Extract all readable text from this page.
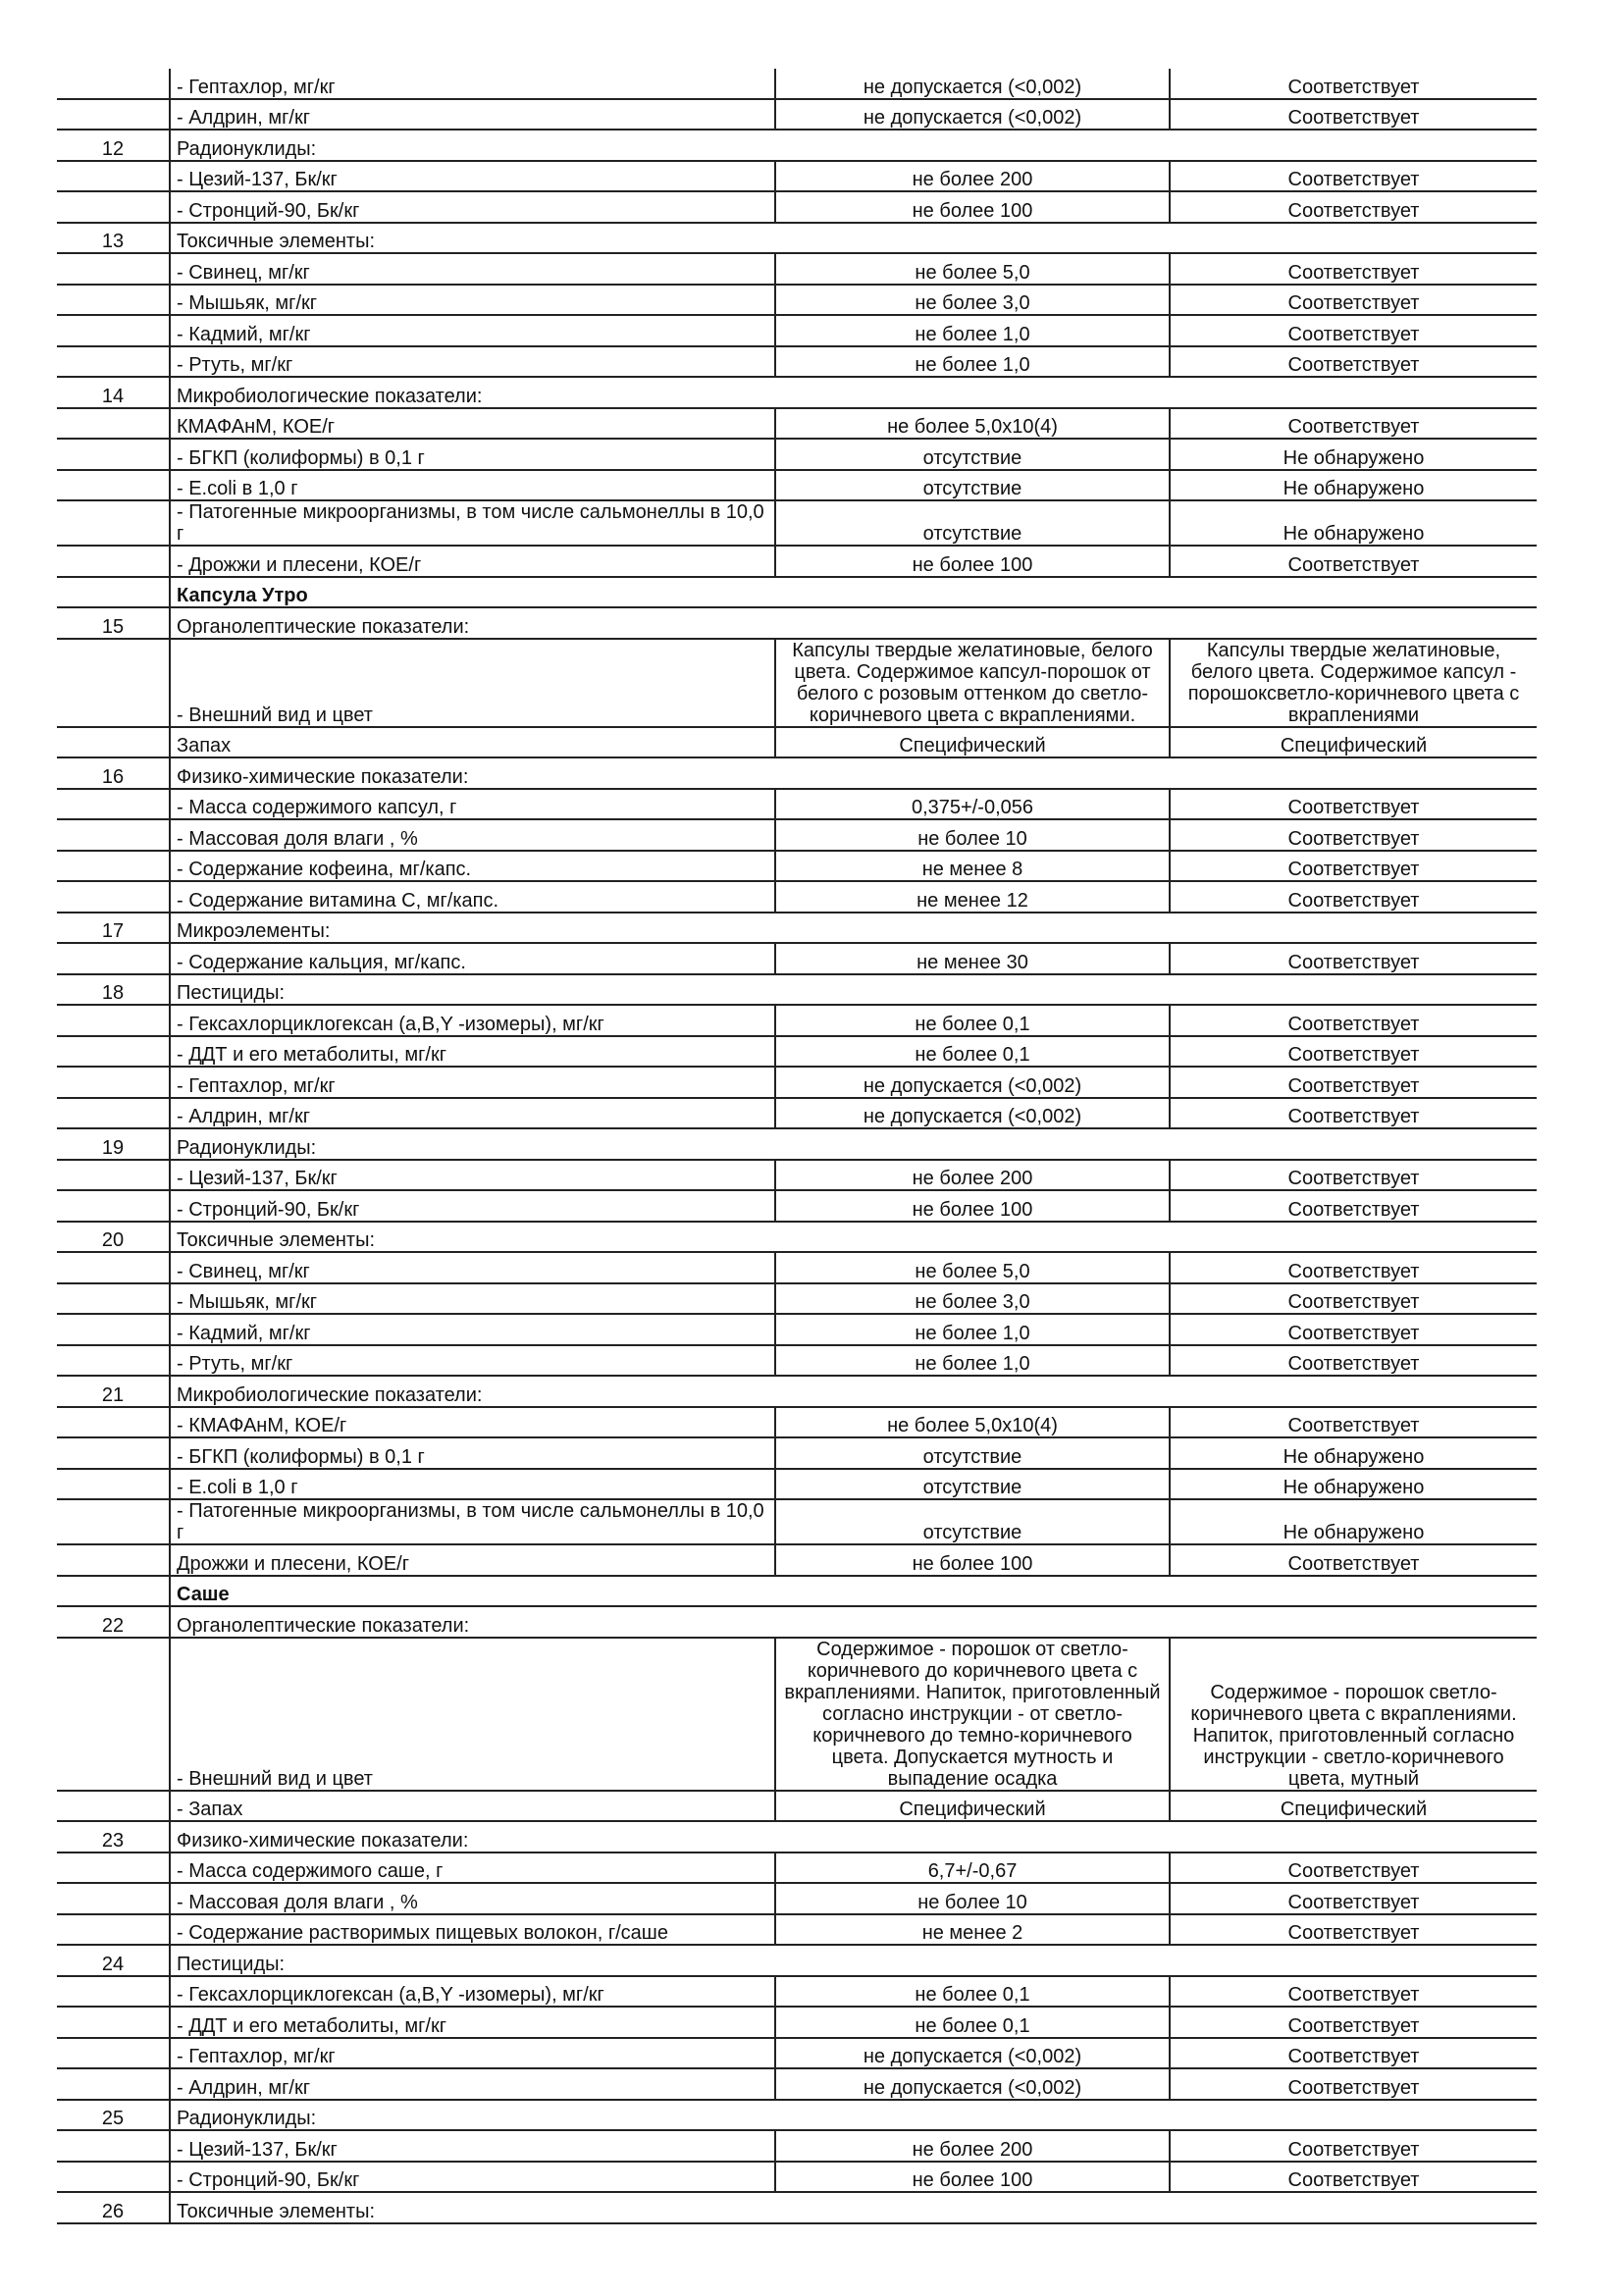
	- Гептахлор, мг/кг	не допускается (<0,002)	Соответствует
	- Алдрин, мг/кг	не допускается (<0,002)	Соответствует
12	Радионуклиды:		
	- Цезий-137, Бк/кг	не более 200	Соответствует
	- Стронций-90, Бк/кг	не более 100	Соответствует
13	Токсичные элементы:		
	- Свинец, мг/кг	не более 5,0	Соответствует
	- Мышьяк, мг/кг	не более 3,0	Соответствует
	- Кадмий, мг/кг	не более 1,0	Соответствует
	- Ртуть, мг/кг	не более 1,0	Соответствует
14	Микробиологические показатели:		
	КМАФАнМ, КОЕ/г	не более 5,0х10(4)	Соответствует
	- БГКП (колиформы) в 0,1 г	отсутствие	Не обнаружено
	- E.coli в 1,0 г	отсутствие	Не обнаружено
	- Патогенные микроорганизмы, в том числе сальмонеллы в 10,0 г	отсутствие	Не обнаружено
	- Дрожжи и плесени, КОЕ/г	не более 100	Соответствует
	Капсула Утро		
15	Органолептические показатели:		
	- Внешний вид и цвет	Капсулы твердые желатиновые, белого цвета. Содержимое капсул-порошок от белого с розовым оттенком до светло-коричневого цвета с вкраплениями.	Капсулы твердые желатиновые, белого цвета. Содержимое капсул - порошоксветло-коричневого цвета с вкраплениями
	Запах	Специфический	Специфический
16	Физико-химические показатели:		
	- Масса содержимого капсул, г	0,375+/-0,056	Соответствует
	- Массовая доля влаги , %	не более 10	Соответствует
	- Содержание кофеина, мг/капс.	не менее 8	Соответствует
	- Содержание витамина С, мг/капс.	не менее 12	Соответствует
17	Микроэлементы:		
	- Содержание кальция, мг/капс.	не менее 30	Соответствует
18	Пестициды:		
	- Гексахлорциклогексан (а,В,Y -изомеры), мг/кг	не более 0,1	Соответствует
	- ДДТ и его метаболиты, мг/кг	не более 0,1	Соответствует
	- Гептахлор, мг/кг	не допускается (<0,002)	Соответствует
	- Алдрин, мг/кг	не допускается (<0,002)	Соответствует
19	Радионуклиды:		
	- Цезий-137, Бк/кг	не более 200	Соответствует
	- Стронций-90, Бк/кг	не более 100	Соответствует
20	Токсичные элементы:		
	- Свинец, мг/кг	не более 5,0	Соответствует
	- Мышьяк, мг/кг	не более 3,0	Соответствует
	- Кадмий, мг/кг	не более 1,0	Соответствует
	- Ртуть, мг/кг	не более 1,0	Соответствует
21	Микробиологические показатели:		
	- КМАФАнМ, КОЕ/г	не более 5,0х10(4)	Соответствует
	- БГКП (колиформы) в 0,1 г	отсутствие	Не обнаружено
	- E.coli в 1,0 г	отсутствие	Не обнаружено
	- Патогенные микроорганизмы, в том числе сальмонеллы в 10,0 г	отсутствие	Не обнаружено
	Дрожжи и плесени, КОЕ/г	не более 100	Соответствует
	Саше		
22	Органолептические показатели:		
	- Внешний вид и цвет	Содержимое - порошок от светло-коричневого до коричневого цвета с вкраплениями. Напиток, приготовленный согласно инструкции - от светло-коричневого до темно-коричневого цвета. Допускается мутность и выпадение осадка	Содержимое - порошок светло-коричневого цвета с вкраплениями. Напиток, приготовленный согласно инструкции - светло-коричневого цвета, мутный
	- Запах	Специфический	Специфический
23	Физико-химические показатели:		
	- Масса содержимого саше, г	6,7+/-0,67	Соответствует
	- Массовая доля влаги , %	не более 10	Соответствует
	- Содержание растворимых пищевых волокон, г/саше	не менее 2	Соответствует
24	Пестициды:		
	- Гексахлорциклогексан (а,В,Y -изомеры), мг/кг	не более 0,1	Соответствует
	- ДДТ и его метаболиты, мг/кг	не более 0,1	Соответствует
	- Гептахлор, мг/кг	не допускается (<0,002)	Соответствует
	- Алдрин, мг/кг	не допускается (<0,002)	Соответствует
25	Радионуклиды:		
	- Цезий-137, Бк/кг	не более 200	Соответствует
	- Стронций-90, Бк/кг	не более 100	Соответствует
26	Токсичные элементы:		
